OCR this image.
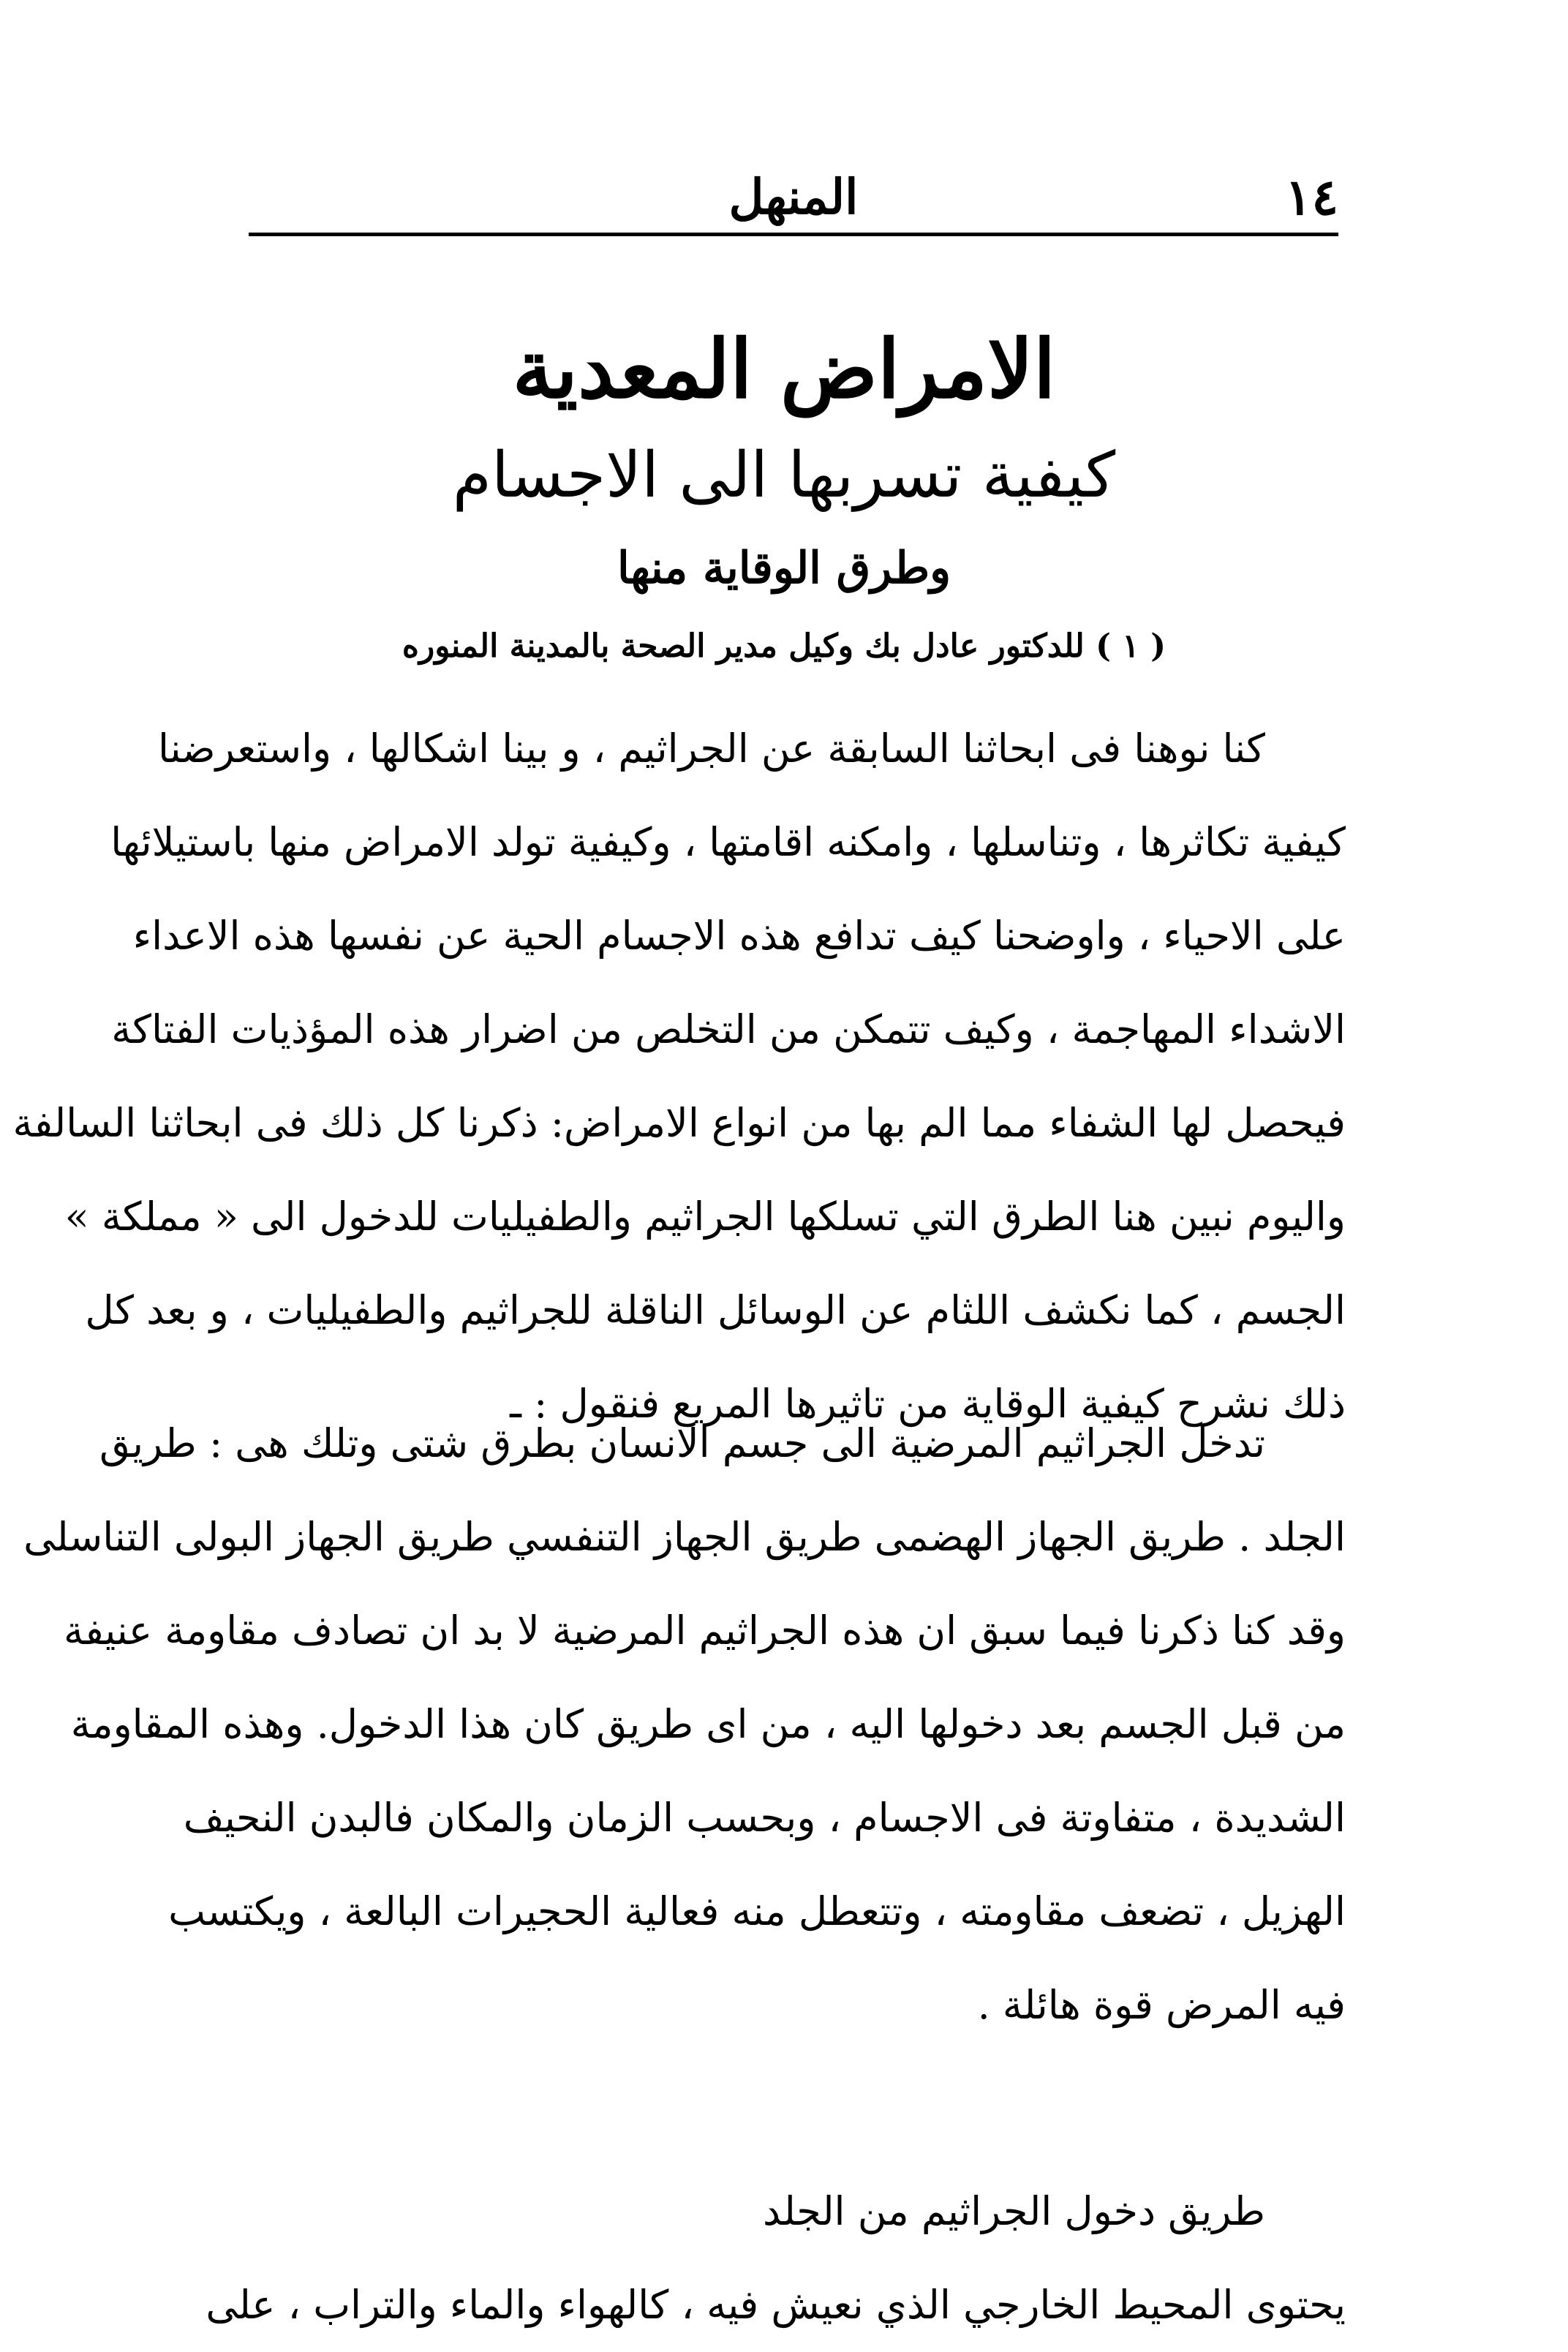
١٤
المنهل
الامراض المعدية
كيفية تسربها الى الاجسام
وطرق الوقاية منها
( ١ ) للدكتور عادل بك وكيل مدير الصحة بالمدينة المنوره
كنا نوهنا فى ابحاثنا السابقة عن الجراثيم ، و بينا اشكالها ، واستعرضنا
كيفية تكاثرها ، وتناسلها ، وامكنه اقامتها ، وكيفية تولد الامراض منها باستيلائها
على الاحياء ، واوضحنا كيف تدافع هذه الاجسام الحية عن نفسها هذه الاعداء
الاشداء المهاجمة ، وكيف تتمكن من التخلص من اضرار هذه المؤذيات الفتاكة
فيحصل لها الشفاء مما الم بها من انواع الامراض: ذكرنا كل ذلك فى ابحاثنا السالفة
واليوم نبين هنا الطرق التي تسلكها الجراثيم والطفيليات للدخول الى « مملكة »
الجسم ، كما نكشف اللثام عن الوسائل الناقلة للجراثيم والطفيليات ، و بعد كل
ذلك نشرح كيفية الوقاية من تاثيرها المريع فنقول : ـ
تدخل الجراثيم المرضية الى جسم الانسان بطرق شتى وتلك هى : طريق
الجلد . طريق الجهاز الهضمى طريق الجهاز التنفسي طريق الجهاز البولى التناسلى
وقد كنا ذكرنا فيما سبق ان هذه الجراثيم المرضية لا بد ان تصادف مقاومة عنيفة
من قبل الجسم بعد دخولها اليه ، من اى طريق كان هذا الدخول. وهذه المقاومة
الشديدة ، متفاوتة فى الاجسام ، وبحسب الزمان والمكان فالبدن النحيف
الهزيل ، تضعف مقاومته ، وتتعطل منه فعالية الحجيرات البالعة ، ويكتسب
فيه المرض قوة هائلة .
طريق دخول الجراثيم من الجلد
يحتوى المحيط الخارجي الذي نعيش فيه ، كالهواء والماء والتراب ، على
